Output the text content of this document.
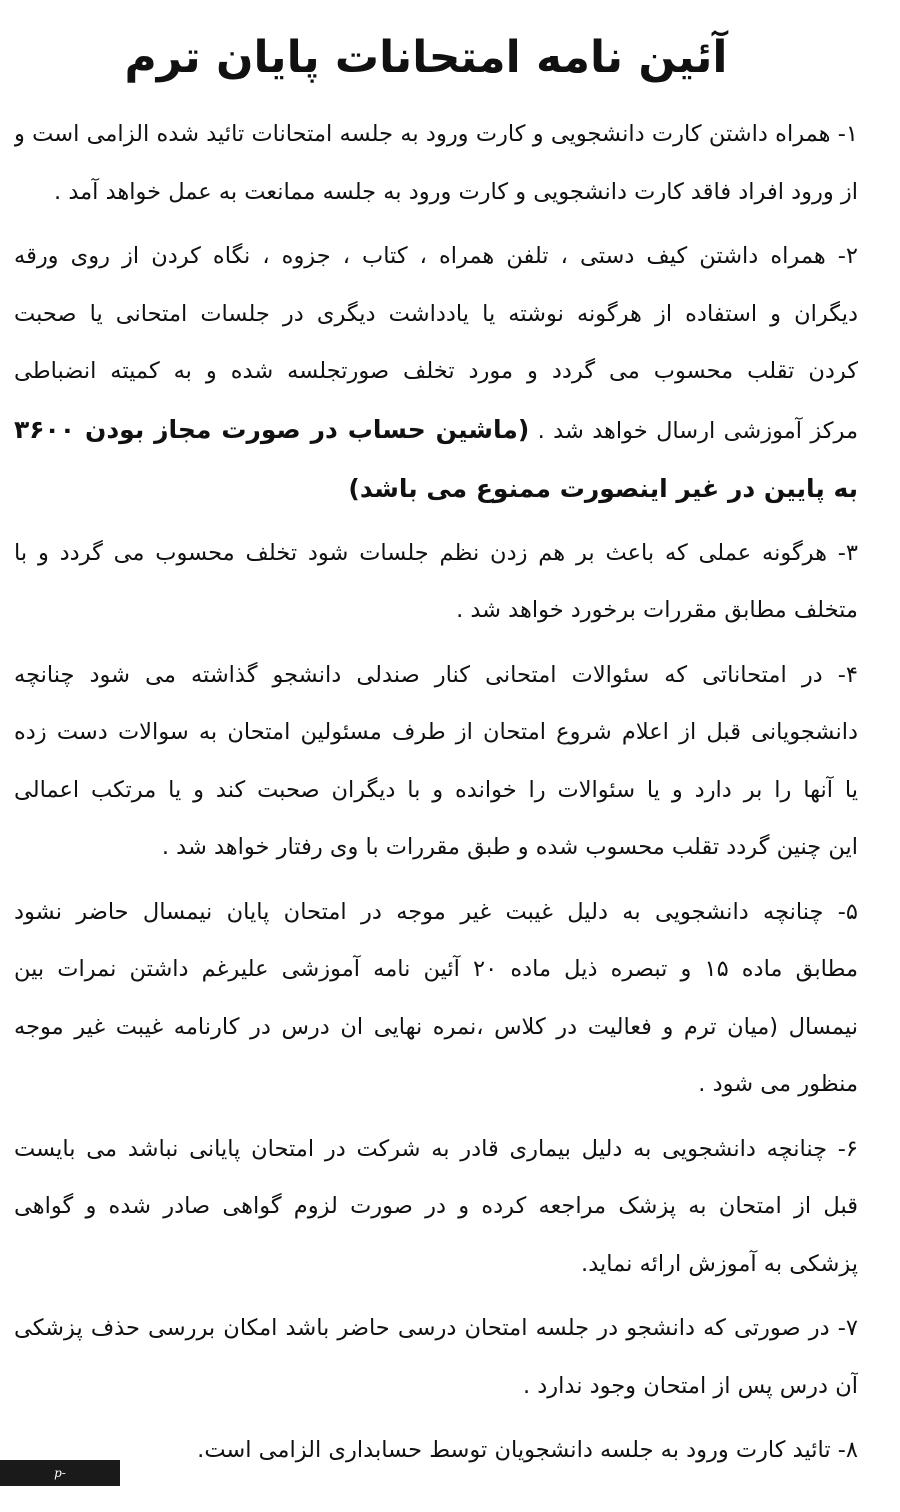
آئین نامه امتحانات پایان ترم
۱- همراه داشتن کارت دانشجویی و کارت ورود به جلسه امتحانات تائید شده الزامی است و
از ورود افراد فاقد کارت دانشجویی و کارت ورود به جلسه ممانعت به عمل خواهد آمد .
۲- همراه داشتن کیف دستی ، تلفن همراه ، کتاب ، جزوه ، نگاه کردن از روی ورقه
دیگران و استفاده از هرگونه نوشته یا یادداشت دیگری در جلسات امتحانی یا صحبت
کردن تقلب محسوب می گردد و مورد تخلف صورتجلسه شده و به کمیته انضباطی
مرکز آموزشی ارسال خواهد شد . (ماشین حساب در صورت مجاز بودن ۳۶۰۰
به پایین در غیر اینصورت ممنوع می باشد)
۳- هرگونه عملی که باعث بر هم زدن نظم جلسات شود تخلف محسوب می گردد و با
متخلف مطابق مقررات برخورد خواهد شد .
۴- در امتحاناتی که سئوالات امتحانی کنار صندلی دانشجو گذاشته می شود چنانچه
دانشجویانی قبل از اعلام شروع امتحان از طرف مسئولین امتحان به سوالات دست زده
یا آنها را بر دارد و یا سئوالات را خوانده و با دیگران صحبت کند و یا مرتکب اعمالی
این چنین گردد تقلب محسوب شده و طبق مقررات با وی رفتار خواهد شد .
۵- چنانچه دانشجویی به دلیل غیبت غیر موجه در امتحان پایان نیمسال حاضر نشود
مطابق ماده ۱۵ و تبصره ذیل ماده ۲۰ آئین نامه آموزشی علیرغم داشتن نمرات بین
نیمسال (میان ترم و فعالیت در کلاس ،نمره نهایی ان درس در کارنامه غیبت غیر موجه
منظور می شود .
۶- چنانچه دانشجویی به دلیل بیماری قادر به شرکت در امتحان پایانی نباشد می بایست
قبل از امتحان به پزشک مراجعه کرده و در صورت لزوم گواهی صادر شده و گواهی
پزشکی به آموزش ارائه نماید.
۷- در صورتی که دانشجو در جلسه امتحان درسی حاضر باشد امکان بررسی حذف پزشکی
آن درس پس از امتحان وجود ندارد .
۸- تائید کارت ورود به جلسه دانشجویان توسط حسابداری الزامی است.
p-estahban.nus.ac.ir
